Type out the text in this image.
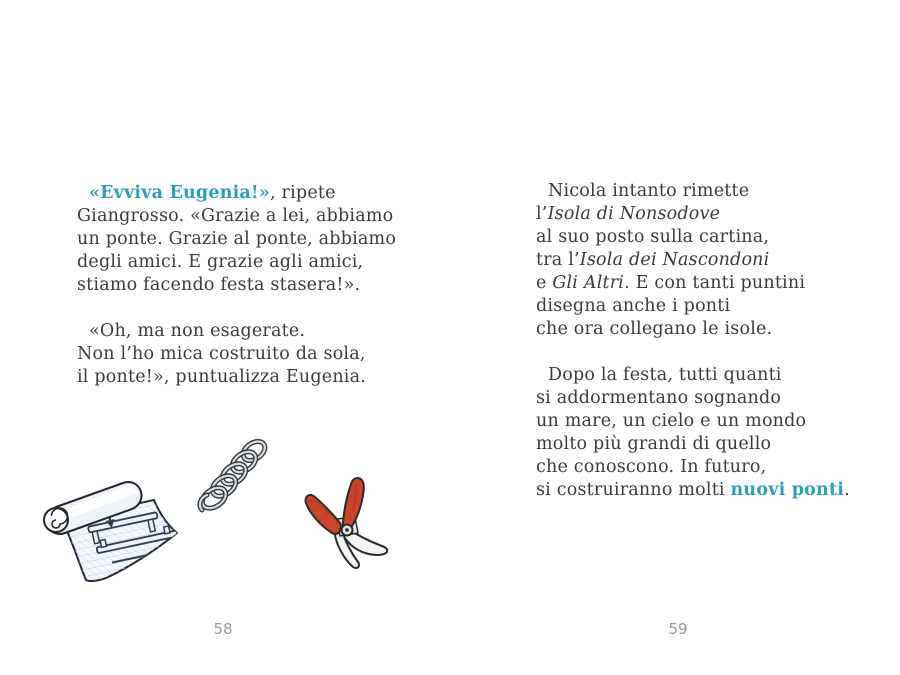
«Evviva Eugenia!», ripete
Giangrosso. «Grazie a lei, abbiamo
un ponte. Grazie al ponte, abbiamo
degli amici. E grazie agli amici,
stiamo facendo festa stasera!».
«Oh, ma non esagerate.
Non l’ho mica costruito da sola,
il ponte!», puntualizza Eugenia.
Nicola intanto rimette
l’Isola di Nonsodove
al suo posto sulla cartina,
tra l’Isola dei Nascondoni
e Gli Altri. E con tanti puntini
disegna anche i ponti
che ora collegano le isole.
Dopo la festa, tutti quanti
si addormentano sognando
un mare, un cielo e un mondo
molto più grandi di quello
che conoscono. In futuro,
si costruiranno molti nuovi ponti.
58	59
